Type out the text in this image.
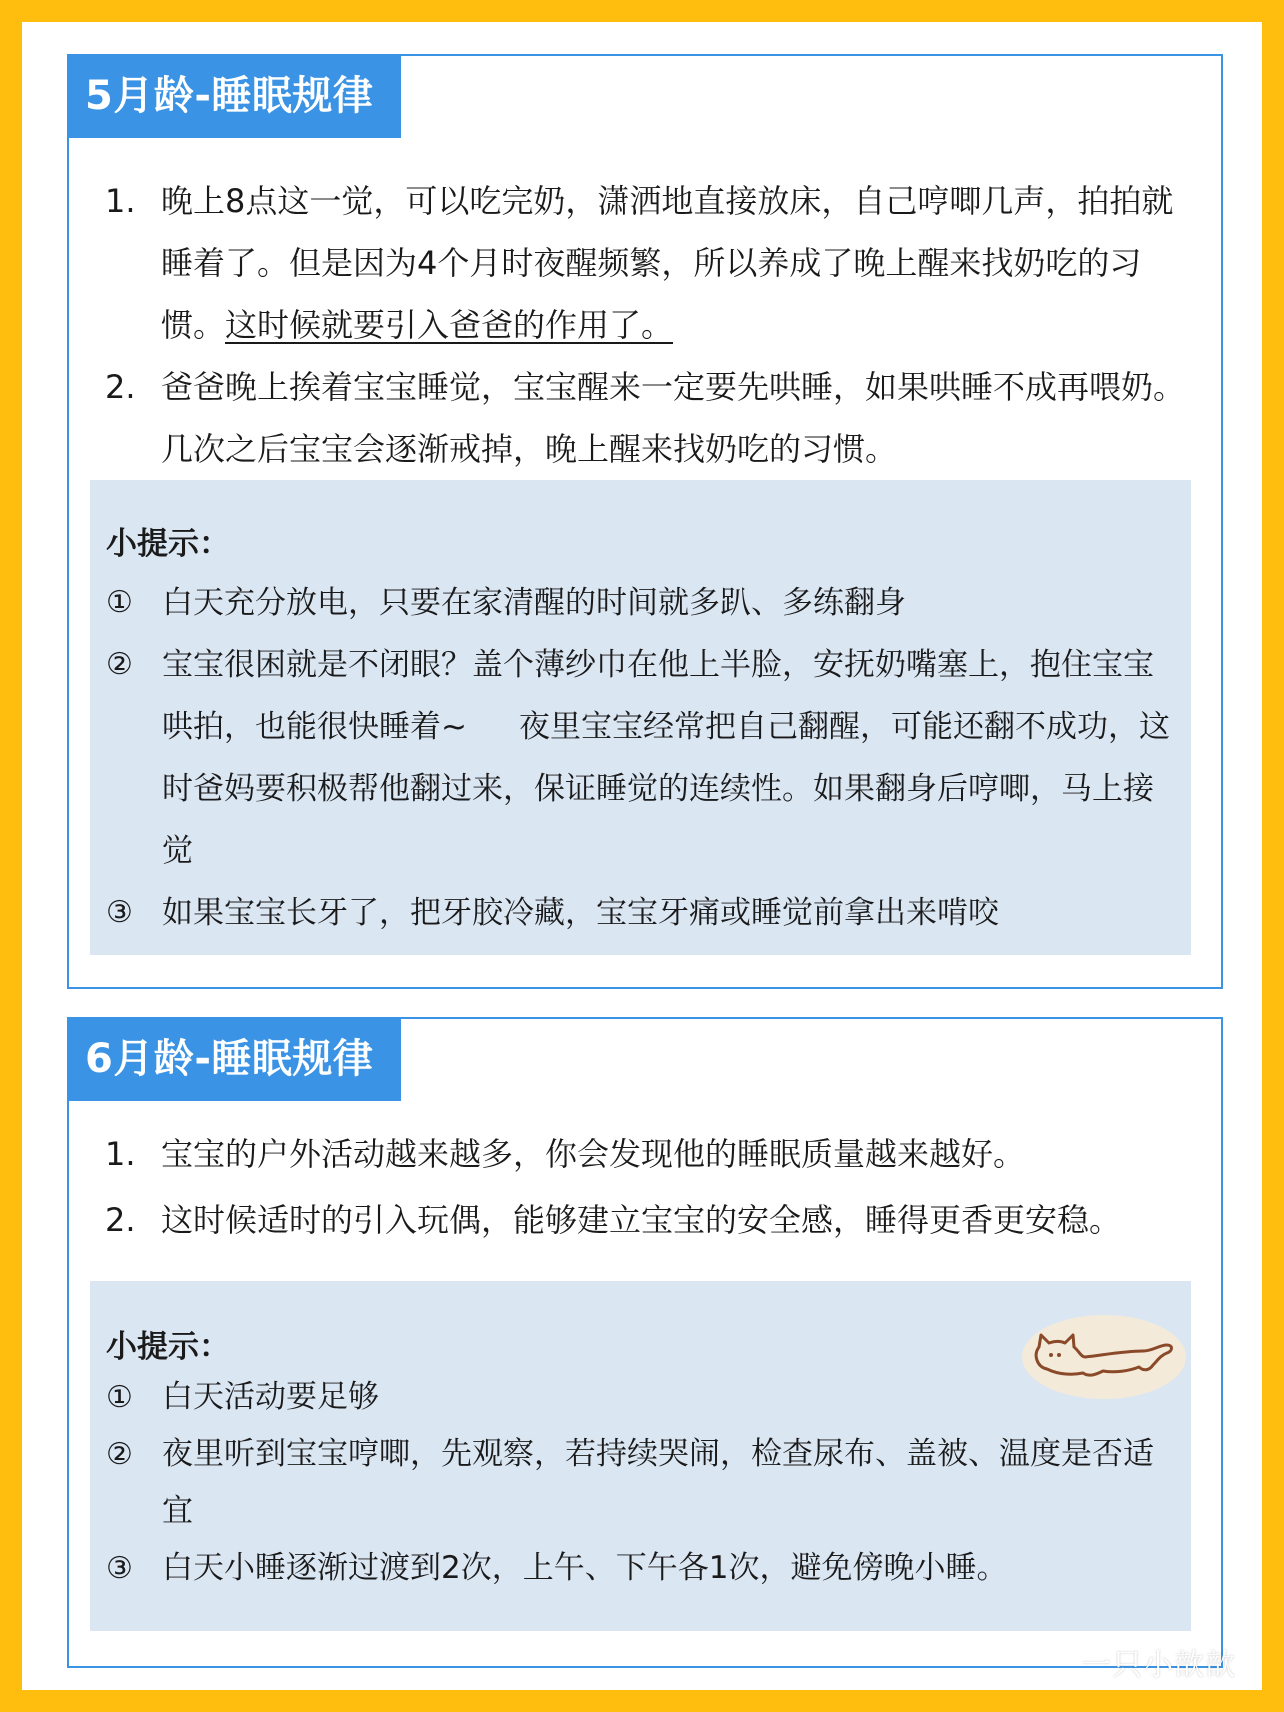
5月龄-睡眠规律
1. 晚上8点这一觉，可以吃完奶，潇洒地直接放床，自己哼唧几声，拍拍就睡着了。但是因为4个月时夜醒频繁，所以养成了晚上醒来找奶吃的习惯。这时候就要引入爸爸的作用了。
2. 爸爸晚上挨着宝宝睡觉，宝宝醒来一定要先哄睡，如果哄睡不成再喂奶。几次之后宝宝会逐渐戒掉，晚上醒来找奶吃的习惯。
小提示：
① 白天充分放电，只要在家清醒的时间就多趴、多练翻身
② 宝宝很困就是不闭眼？盖个薄纱巾在他上半脸，安抚奶嘴塞上，抱住宝宝哄拍，也能很快睡着~ 夜里宝宝经常把自己翻醒，可能还翻不成功，这时爸妈要积极帮他翻过来，保证睡觉的连续性。如果翻身后哼唧，马上接觉
③ 如果宝宝长牙了，把牙胶冷藏，宝宝牙痛或睡觉前拿出来啃咬
6月龄-睡眠规律
1. 宝宝的户外活动越来越多，你会发现他的睡眠质量越来越好。
2. 这时候适时的引入玩偶，能够建立宝宝的安全感，睡得更香更安稳。
小提示：
① 白天活动要足够
② 夜里听到宝宝哼唧，先观察，若持续哭闹，检查尿布、盖被、温度是否适宜
③ 白天小睡逐渐过渡到2次，上午、下午各1次，避免傍晚小睡。
一只小歆歆
